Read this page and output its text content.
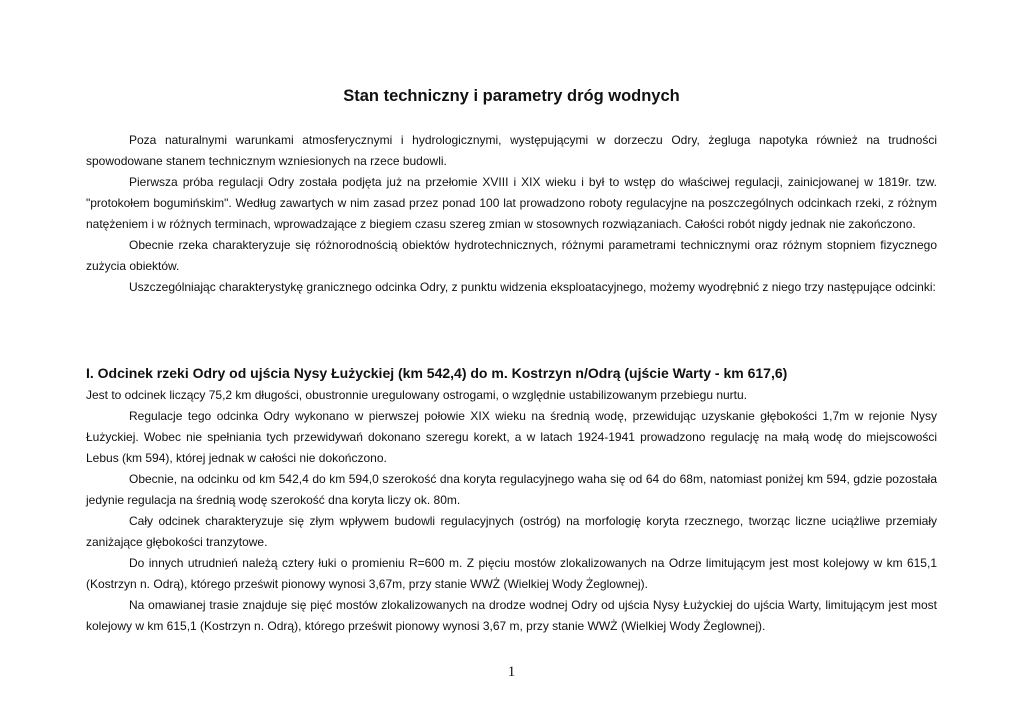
Stan techniczny i parametry dróg wodnych

Poza naturalnymi warunkami atmosferycznymi i hydrologicznymi, występującymi w dorzeczu Odry, żegluga napotyka również na trudności spowodowane stanem technicznym wzniesionych na rzece budowli.

Pierwsza próba regulacji Odry została podjęta już na przełomie XVIII i XIX wieku i był to wstęp do właściwej regulacji, zainicjowanej w 1819r. tzw. "protokołem bogumińskim". Według zawartych w nim zasad przez ponad 100 lat prowadzono roboty regulacyjne na poszczególnych odcinkach rzeki, z różnym natężeniem i w różnych terminach, wprowadzające z biegiem czasu szereg zmian w stosownych rozwiązaniach. Całości robót nigdy jednak nie zakończono.

Obecnie rzeka charakteryzuje się różnorodnością obiektów hydrotechnicznych, różnymi parametrami technicznymi oraz różnym stopniem fizycznego zużycia obiektów.

Uszczególniając charakterystykę granicznego odcinka Odry, z punktu widzenia eksploatacyjnego, możemy wyodrębnić z niego trzy następujące odcinki:

I. Odcinek rzeki Odry od ujścia Nysy Łużyckiej (km 542,4) do m. Kostrzyn n/Odrą (ujście Warty - km 617,6)

Jest to odcinek liczący 75,2 km długości, obustronnie uregulowany ostrogami, o względnie ustabilizowanym przebiegu nurtu.

Regulacje tego odcinka Odry wykonano w pierwszej połowie XIX wieku na średnią wodę, przewidując uzyskanie głębokości 1,7m w rejonie Nysy Łużyckiej. Wobec nie spełniania tych przewidywań dokonano szeregu korekt, a w latach 1924-1941 prowadzono regulację na małą wodę do miejscowości Lebus (km 594), której jednak w całości nie dokończono.

Obecnie, na odcinku od km 542,4 do km 594,0 szerokość dna koryta regulacyjnego waha się od 64 do 68m, natomiast poniżej km 594, gdzie pozostała jedynie regulacja na średnią wodę szerokość dna koryta liczy ok. 80m.

Cały odcinek charakteryzuje się złym wpływem budowli regulacyjnych (ostróg) na morfologię koryta rzecznego, tworząc liczne uciążliwe przemiały zaniżające głębokości tranzytowe.

Do innych utrudnień należą cztery łuki o promieniu R=600 m. Z pięciu mostów zlokalizowanych na Odrze limitującym jest most kolejowy w km 615,1 (Kostrzyn n. Odrą), którego prześwit pionowy wynosi 3,67m, przy stanie WWŻ (Wielkiej Wody Żeglownej).

Na omawianej trasie znajduje się pięć mostów zlokalizowanych na drodze wodnej Odry od ujścia Nysy Łużyckiej do ujścia Warty, limitującym jest most kolejowy w km 615,1 (Kostrzyn n. Odrą), którego prześwit pionowy wynosi 3,67 m, przy stanie WWŻ (Wielkiej Wody Żeglownej).

1
